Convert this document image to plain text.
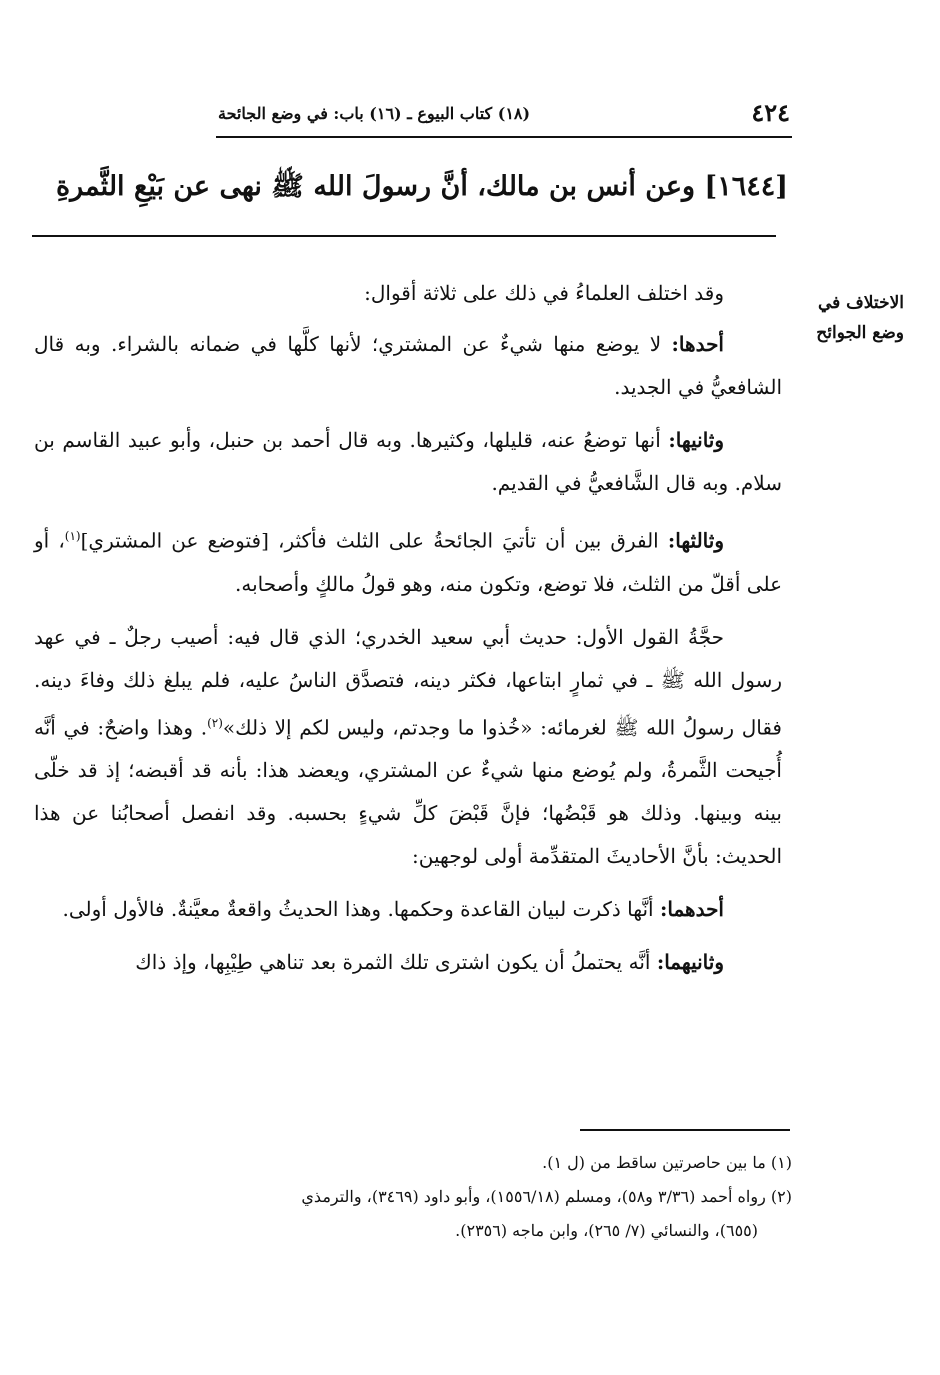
٤٢٤
(١٨) كتاب البيوع ـ (١٦) باب: في وضع الجائحة
[١٦٤٤] وعن أنس بن مالك، أنَّ رسولَ الله ﷺ نهى عن بَيْعِ الثَّمرةِ
الاختلاف في
وضع الجوائح

وقد اختلف العلماءُ في ذلك على ثلاثة أقوال:

أحدها: لا يوضع منها شيءٌ عن المشتري؛ لأنها كلَّها في ضمانه بالشراء. وبه قال الشافعيُّ في الجديد.

وثانيها: أنها توضعُ عنه، قليلها، وكثيرها. وبه قال أحمد بن حنبل، وأبو عبيد القاسم بن سلام. وبه قال الشَّافعيُّ في القديم.

وثالثها: الفرق بين أن تأتيَ الجائحةُ على الثلث فأكثر، [فتوضع عن المشتري]$^{(١)}$، أو على أقلّ من الثلث، فلا توضع، وتكون منه، وهو قولُ مالكٍ وأصحابه.

حجَّةُ القول الأول: حديث أبي سعيد الخدري؛ الذي قال فيه: أصيب رجلٌ ـ في عهد رسول الله ﷺ ـ في ثمارٍ ابتاعها، فكثر دينه، فتصدَّق الناسُ عليه، فلم يبلغ ذلك وفاءَ دينه. فقال رسولُ الله ﷺ لغرمائه: «خُذوا ما وجدتم، وليس لكم إلا ذلك»$^{(٢)}$. وهذا واضحٌ: في أنَّه أُجيحت الثَّمرةُ، ولم يُوضع منها شيءٌ عن المشتري، ويعضد هذا: بأنه قد أقبضه؛ إذ قد خلّى بينه وبينها. وذلك هو قَبْضُها؛ فإنَّ قَبْضَ كلِّ شيءٍ بحسبه. وقد انفصل أصحابُنا عن هذا الحديث: بأنَّ الأحاديثَ المتقدِّمة أولى لوجهين:

أحدهما: أنَّها ذكرت لبيان القاعدة وحكمها. وهذا الحديثُ واقعةٌ معيَّنةٌ. فالأول أولى.

وثانيهما: أنَّه يحتملُ أن يكون اشترى تلك الثمرة بعد تناهي طِيْبِها، وإذ ذاك

(١) ما بين حاصرتين ساقط من (ل ١).

(٢) رواه أحمد (٣/٣٦ و٥٨)، ومسلم (١٥٥٦/١٨)، وأبو داود (٣٤٦٩)، والترمذي

(٦٥٥)، والنسائي (٧/ ٢٦٥)، وابن ماجه (٢٣٥٦).
